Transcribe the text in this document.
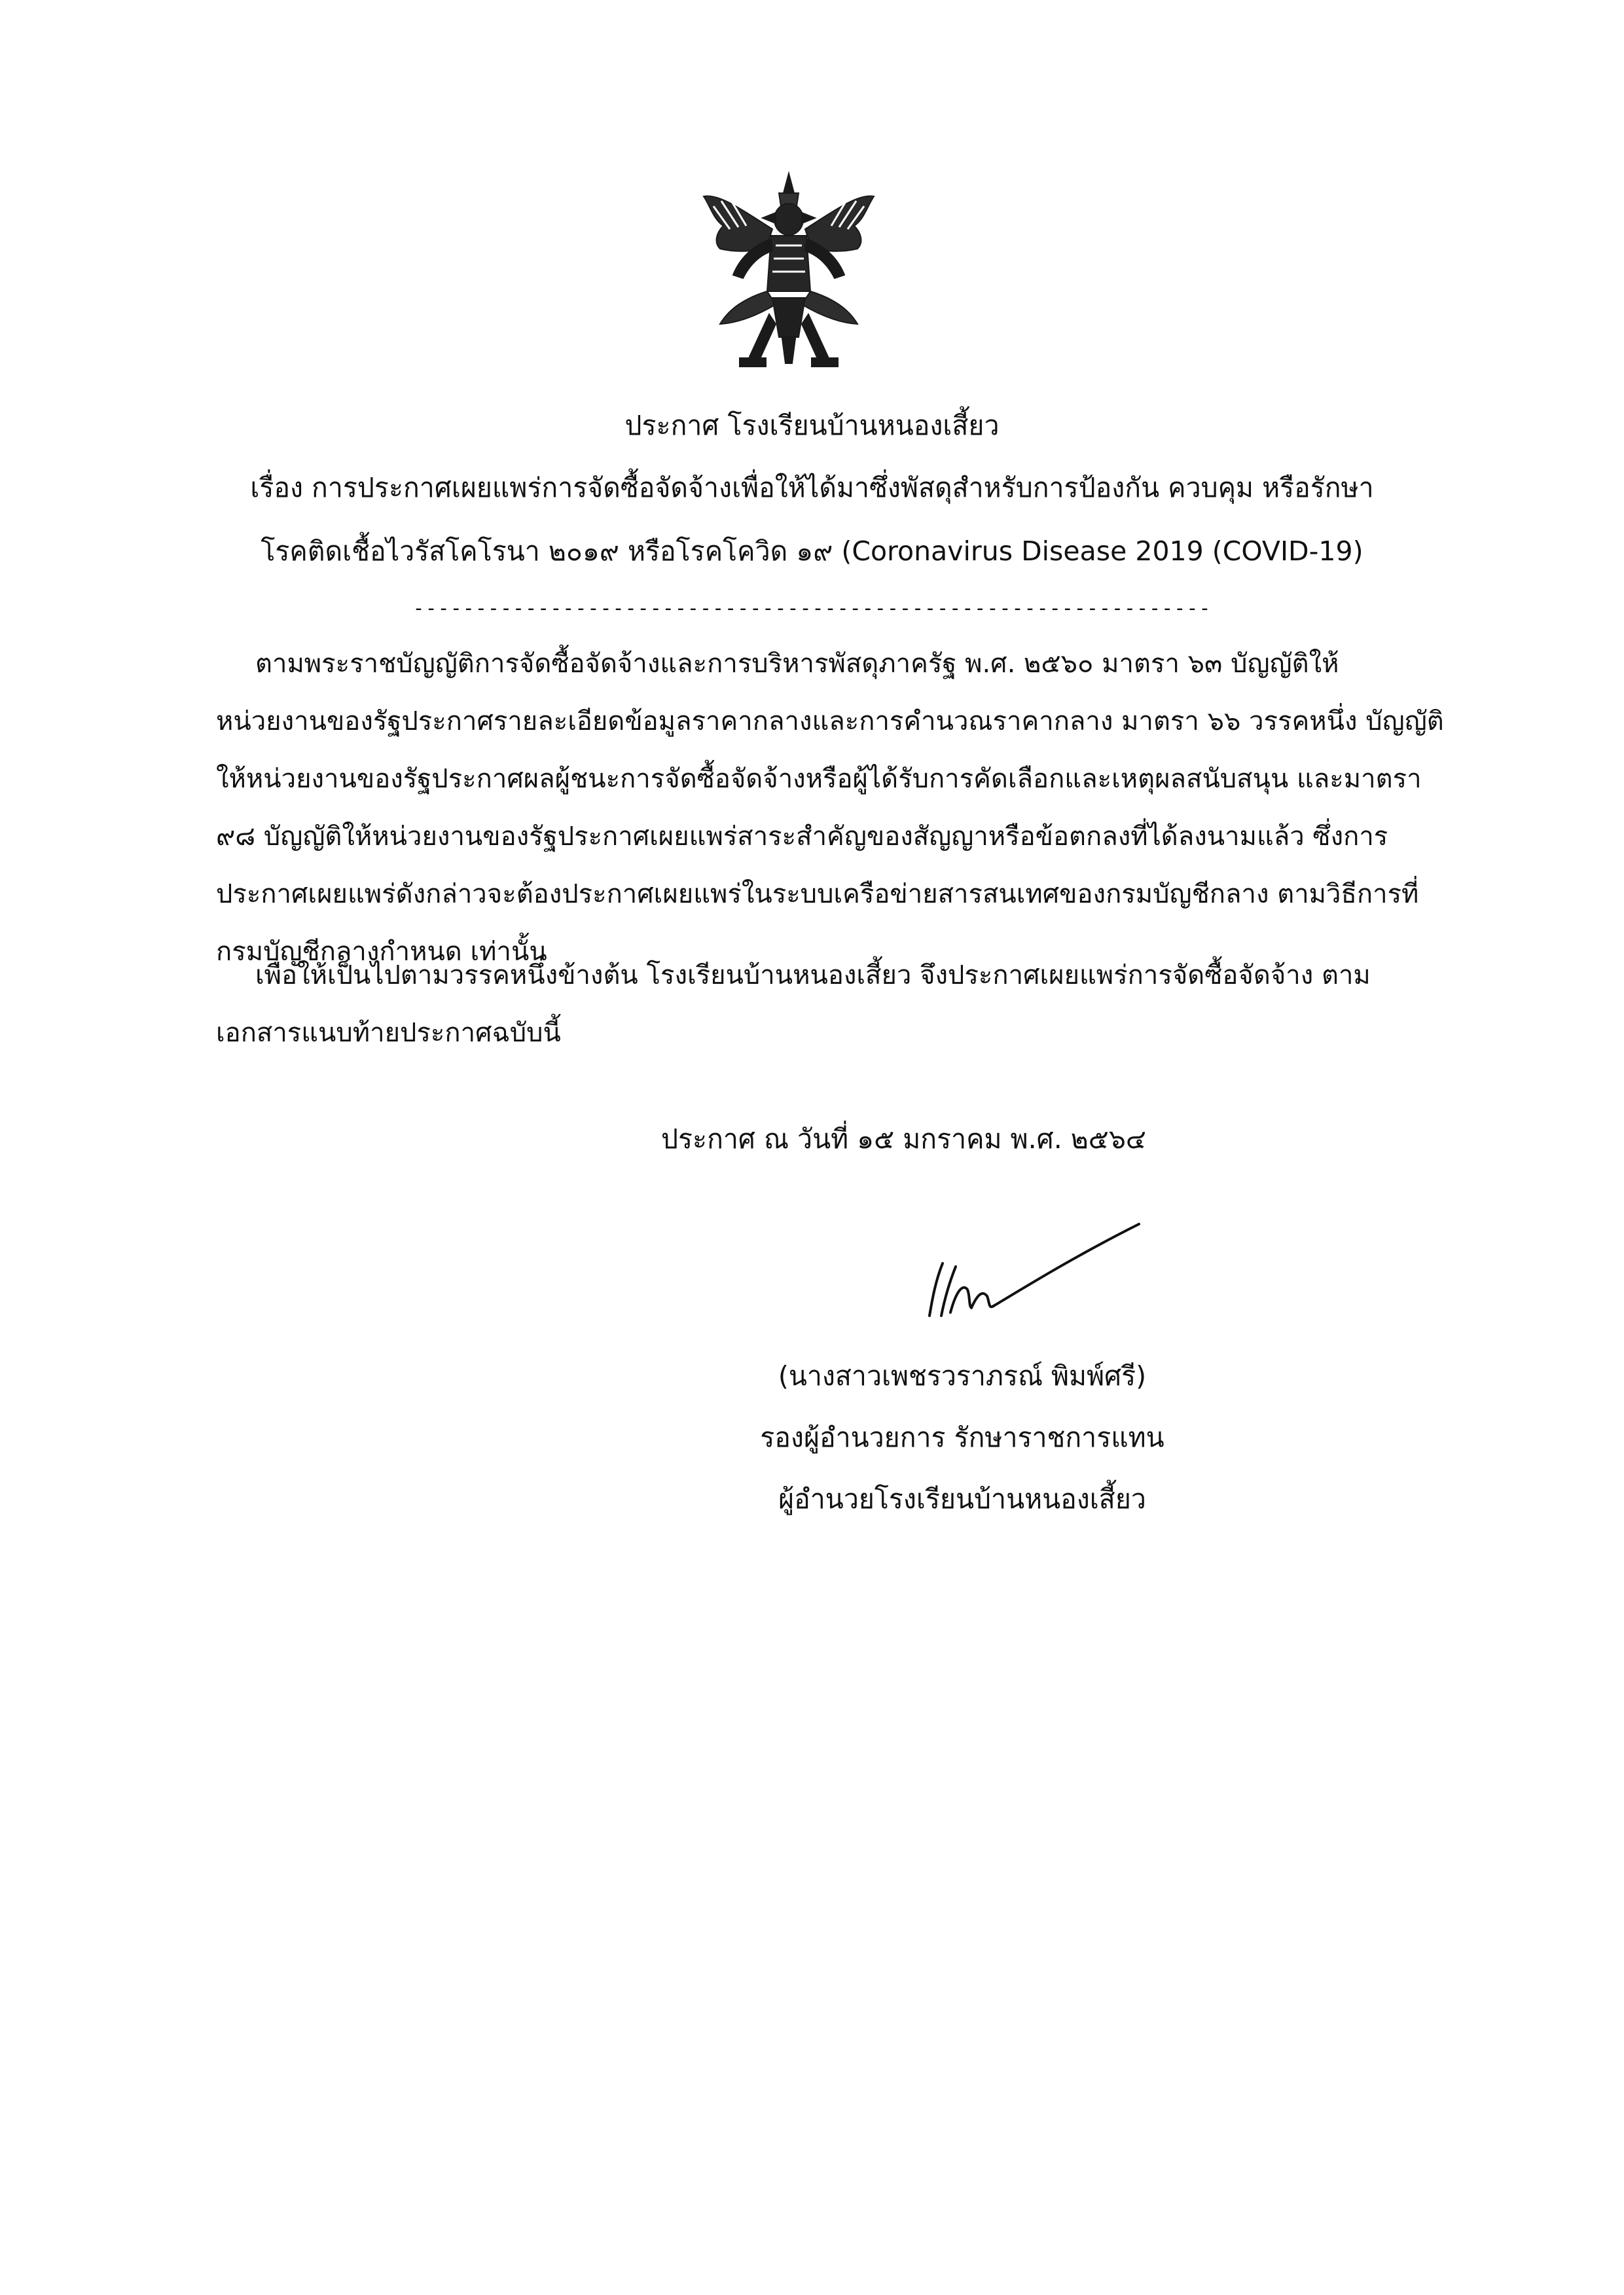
ประกาศ โรงเรียนบ้านหนองเสี้ยว
เรื่อง การประกาศเผยแพร่การจัดซื้อจัดจ้างเพื่อให้ได้มาซึ่งพัสดุสำหรับการป้องกัน ควบคุม หรือรักษา
โรคติดเชื้อไวรัสโคโรนา ๒๐๑๙ หรือโรคโควิด ๑๙ (Coronavirus Disease 2019 (COVID-19)
----------------------------------------------------------------
ตามพระราชบัญญัติการจัดซื้อจัดจ้างและการบริหารพัสดุภาครัฐ พ.ศ. ๒๕๖๐ มาตรา ๖๓ บัญญัติให้
หน่วยงานของรัฐประกาศรายละเอียดข้อมูลราคากลางและการคำนวณราคากลาง มาตรา ๖๖ วรรคหนึ่ง บัญญัติ
ให้หน่วยงานของรัฐประกาศผลผู้ชนะการจัดซื้อจัดจ้างหรือผู้ได้รับการคัดเลือกและเหตุผลสนับสนุน และมาตรา
๙๘ บัญญัติให้หน่วยงานของรัฐประกาศเผยแพร่สาระสำคัญของสัญญาหรือข้อตกลงที่ได้ลงนามแล้ว ซึ่งการ
ประกาศเผยแพร่ดังกล่าวจะต้องประกาศเผยแพร่ในระบบเครือข่ายสารสนเทศของกรมบัญชีกลาง ตามวิธีการที่
กรมบัญชีกลางกำหนด เท่านั้น
เพื่อให้เป็นไปตามวรรคหนึ่งข้างต้น โรงเรียนบ้านหนองเสี้ยว จึงประกาศเผยแพร่การจัดซื้อจัดจ้าง ตาม
เอกสารแนบท้ายประกาศฉบับนี้
ประกาศ ณ วันที่ ๑๕ มกราคม พ.ศ. ๒๕๖๔
(นางสาวเพชรวราภรณ์ พิมพ์ศรี)
รองผู้อำนวยการ รักษาราชการแทน
ผู้อำนวยโรงเรียนบ้านหนองเสี้ยว
